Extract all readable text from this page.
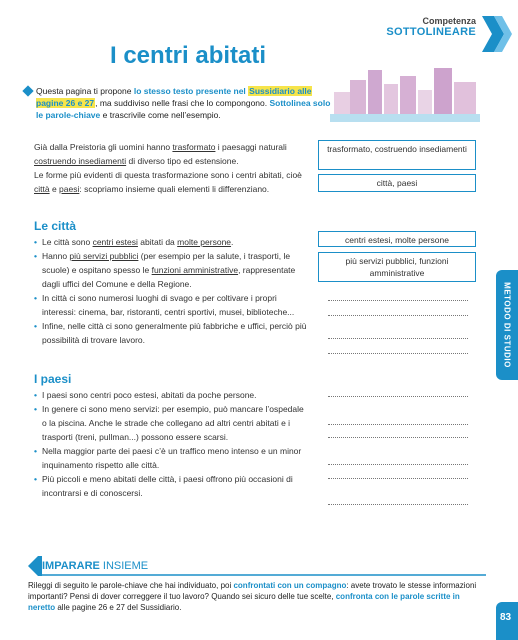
Competenza
SOTTOLINEARE
I centri abitati
Questa pagina ti propone lo stesso testo presente nel Sussidiario alle pagine 26 e 27, ma suddiviso nelle frasi che lo compongono. Sottolinea solo le parole-chiave e trascrivile come nell’esempio.
Già dalla Preistoria gli uomini hanno trasformato i paesaggi naturali costruendo insediamenti di diverso tipo ed estensione.
Le forme più evidenti di questa trasformazione sono i centri abitati, cioè città e paesi: scopriamo insieme quali elementi li differenziano.
Le città
• Le città sono centri estesi abitati da molte persone.
• Hanno più servizi pubblici (per esempio per la salute, i trasporti, le scuole) e ospitano spesso le funzioni amministrative, rappresentate dagli uffici del Comune e della Regione.
• In città ci sono numerosi luoghi di svago e per coltivare i propri interessi: cinema, bar, ristoranti, centri sportivi, musei, biblioteche...
• Infine, nelle città ci sono generalmente più fabbriche e uffici, perciò più possibilità di trovare lavoro.
I paesi
• I paesi sono centri poco estesi, abitati da poche persone.
• In genere ci sono meno servizi: per esempio, può mancare l’ospedale o la piscina. Anche le strade che collegano ad altri centri abitati e i trasporti (treni, pullman...) possono essere scarsi.
• Nella maggior parte dei paesi c’è un traffico meno intenso e un minor inquinamento rispetto alle città.
• Più piccoli e meno abitati delle città, i paesi offrono più occasioni di incontrarsi e di conoscersi.
trasformato, costruendo insediamenti
città, paesi
centri estesi, molte persone
più servizi pubblici, funzioni amministrative
METODO DI STUDIO
IMPARARE INSIEME
Rileggi di seguito le parole-chiave che hai individuato, poi confrontati con un compagno: avete trovato le stesse informazioni importanti? Pensi di dover correggere il tuo lavoro? Quando sei sicuro delle tue scelte, confronta con le parole scritte in neretto alle pagine 26 e 27 del Sussidiario.
83
